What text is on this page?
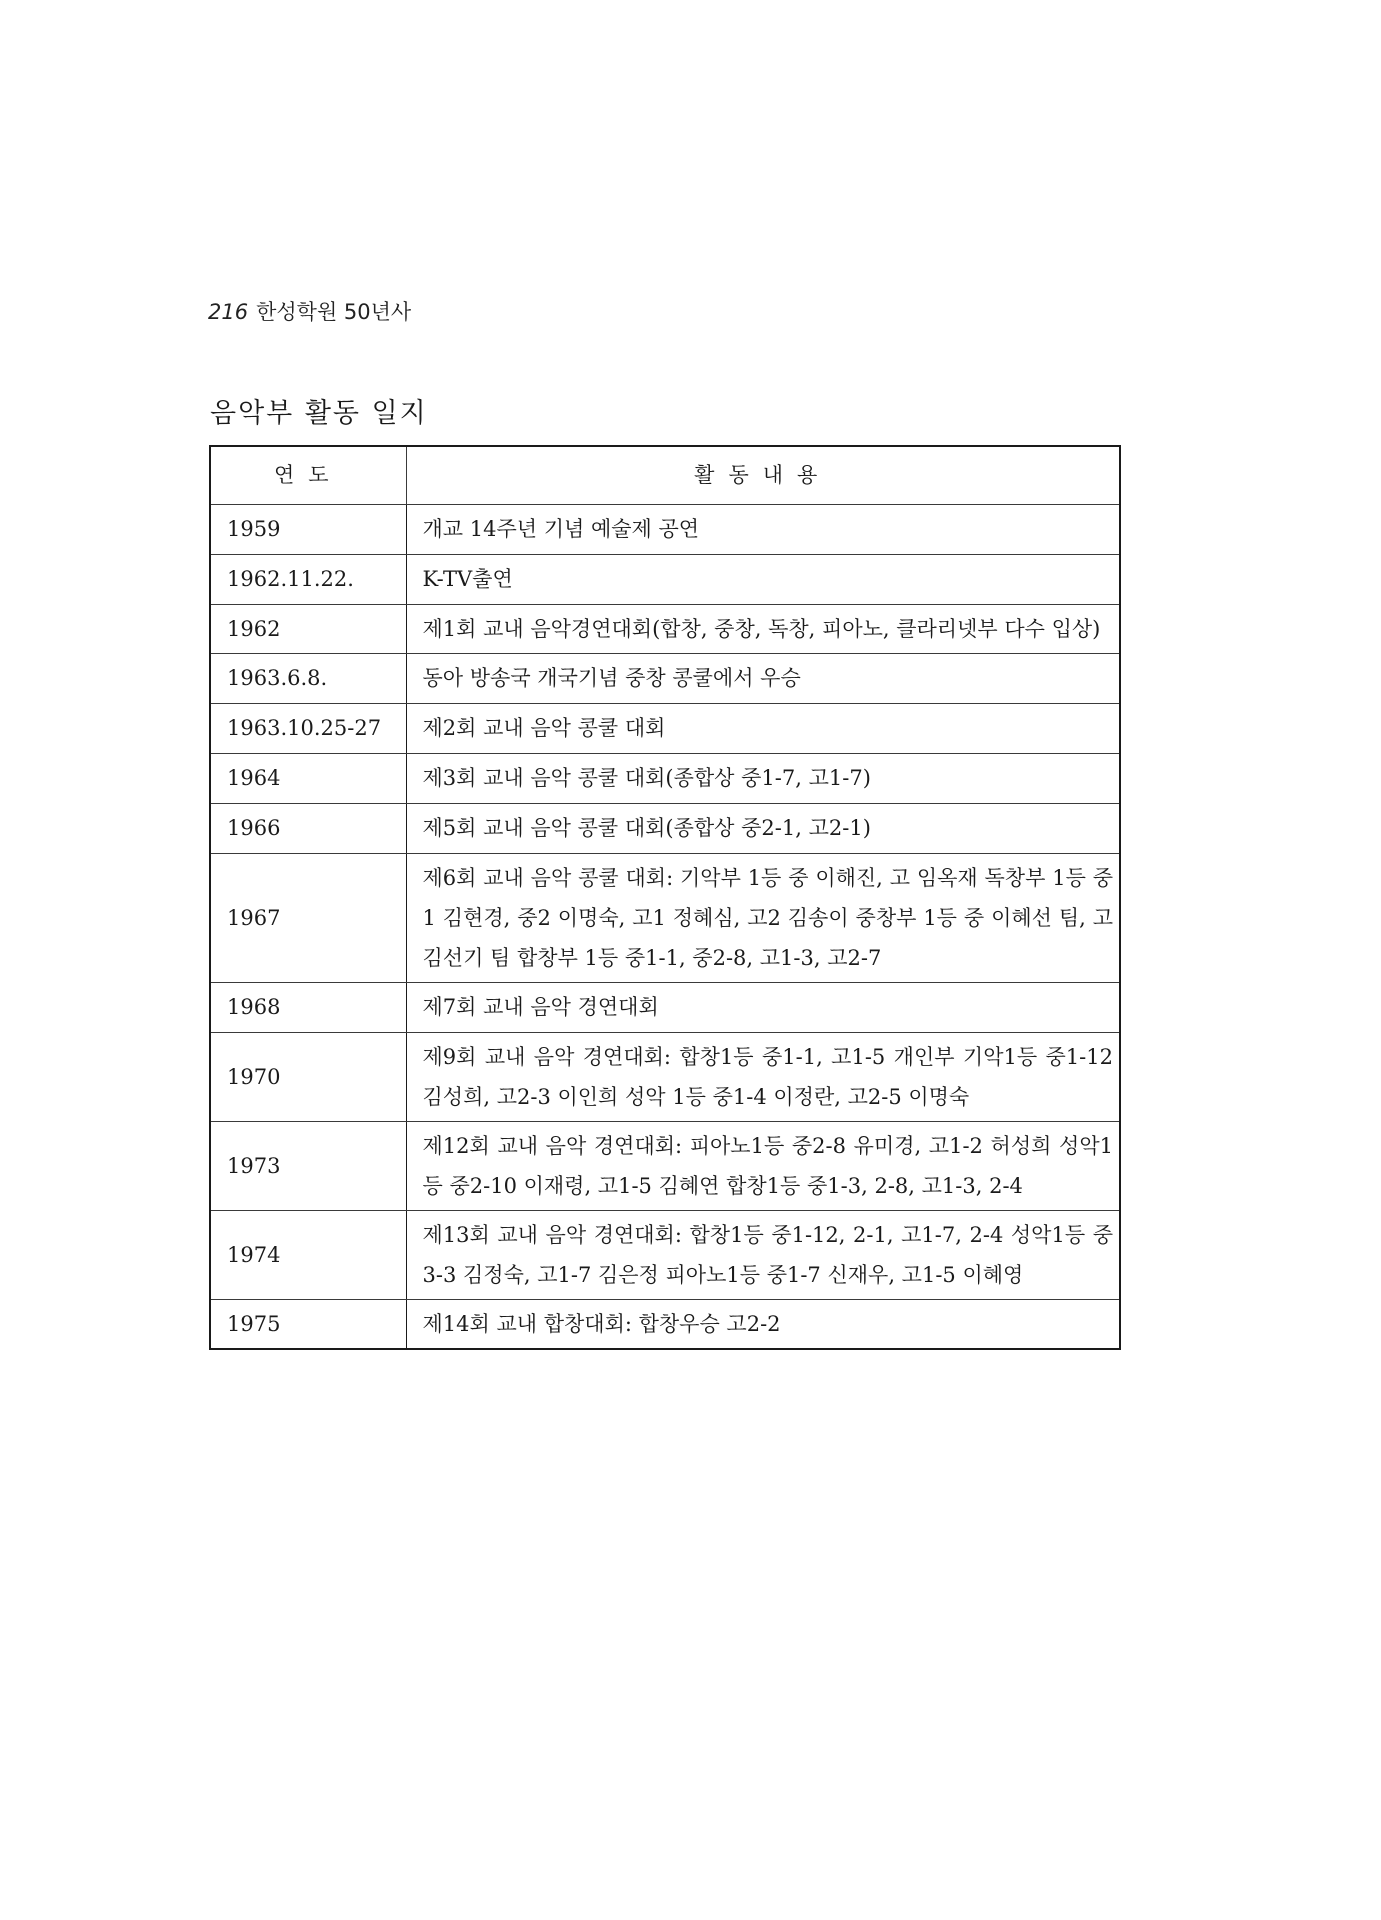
216 한성학원 50년사
음악부 활동 일지
연도	활동내용
1959	개교 14주년 기념 예술제 공연
1962.11.22.	K-TV출연
1962	제1회 교내 음악경연대회(합창, 중창, 독창, 피아노, 클라리넷부 다수 입상)
1963.6.8.	동아 방송국 개국기념 중창 콩쿨에서 우승
1963.10.25-27	제2회 교내 음악 콩쿨 대회
1964	제3회 교내 음악 콩쿨 대회(종합상 중1-7, 고1-7)
1966	제5회 교내 음악 콩쿨 대회(종합상 중2-1, 고2-1)
1967	제6회 교내 음악 콩쿨 대회: 기악부 1등 중 이해진, 고 임옥재 독창부 1등 중1 김현경, 중2 이명숙, 고1 정혜심, 고2 김송이 중창부 1등 중 이혜선 팀, 고 김선기 팀 합창부 1등 중1-1, 중2-8, 고1-3, 고2-7
1968	제7회 교내 음악 경연대회
1970	제9회 교내 음악 경연대회: 합창1등 중1-1, 고1-5 개인부 기악1등 중1-12 김성희, 고2-3 이인희 성악 1등 중1-4 이정란, 고2-5 이명숙
1973	제12회 교내 음악 경연대회: 피아노1등 중2-8 유미경, 고1-2 허성희 성악1등 중2-10 이재령, 고1-5 김혜연 합창1등 중1-3, 2-8, 고1-3, 2-4
1974	제13회 교내 음악 경연대회: 합창1등 중1-12, 2-1, 고1-7, 2-4 성악1등 중3-3 김정숙, 고1-7 김은정 피아노1등 중1-7 신재우, 고1-5 이혜영
1975	제14회 교내 합창대회: 합창우승 고2-2
